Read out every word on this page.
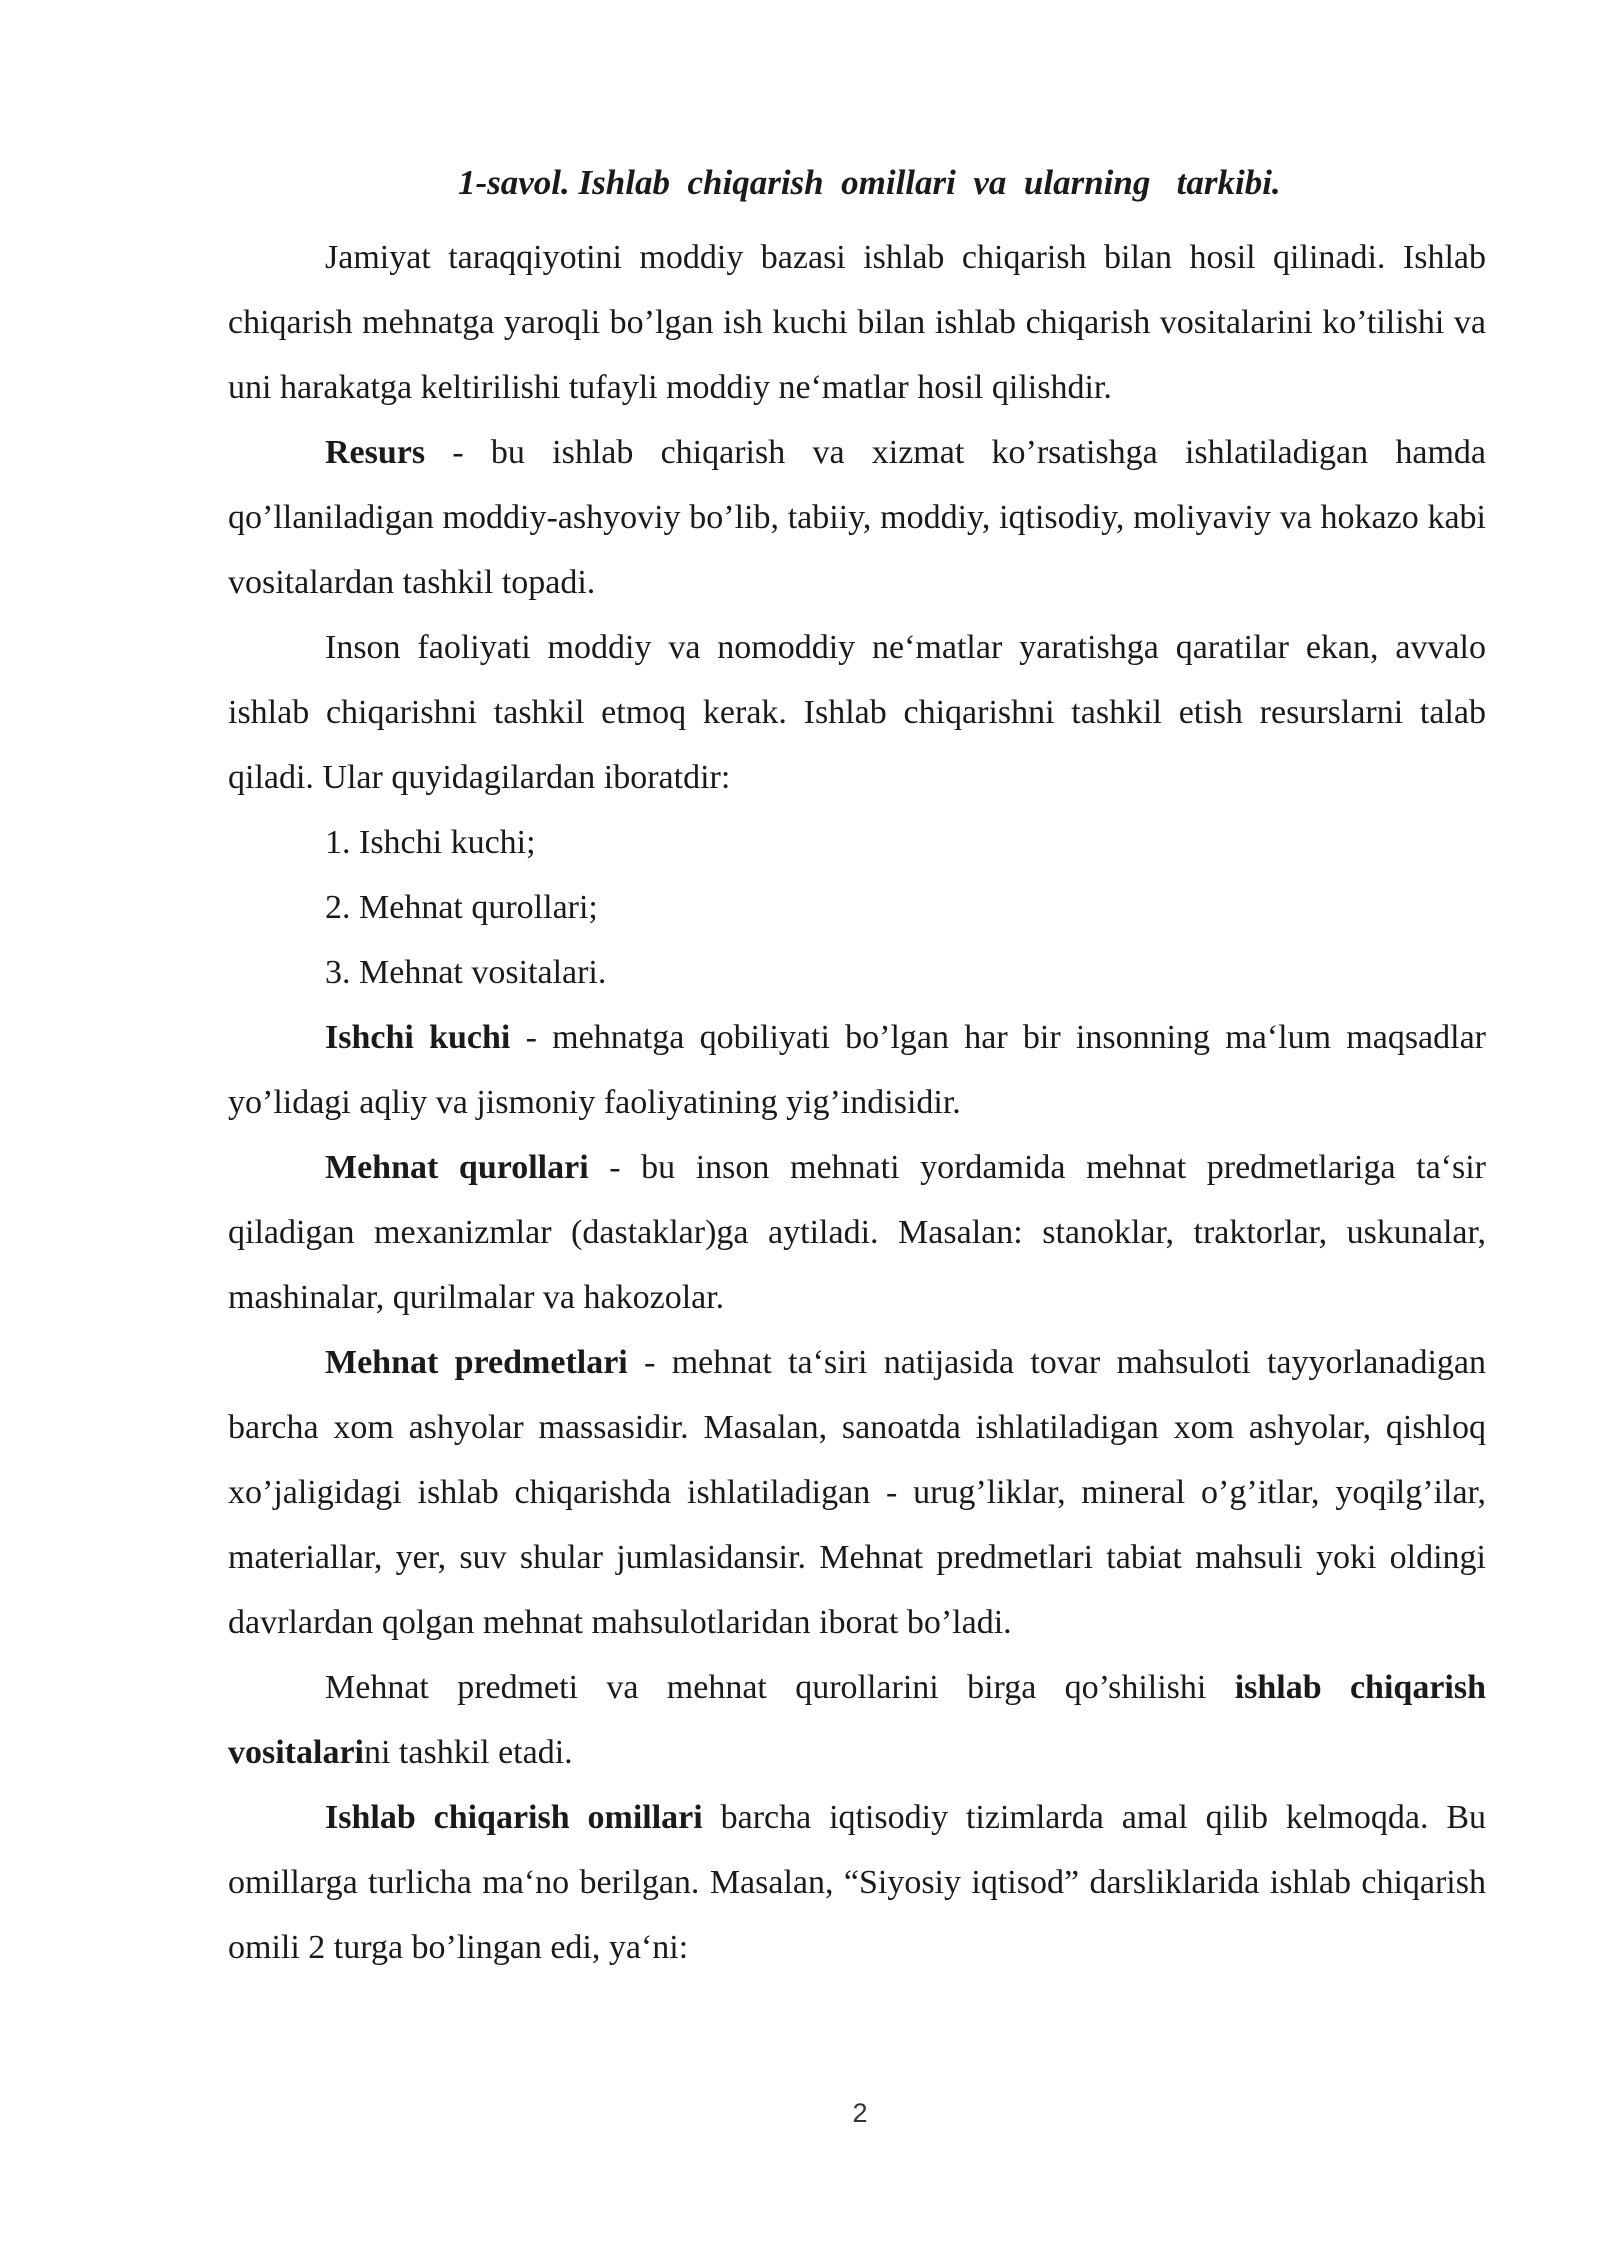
1-savol. Ishlab  chiqarish  omillari  va  ularning   tarkibi.

Jamiyat taraqqiyotini moddiy bazasi ishlab chiqarish bilan hosil qilinadi. Ishlab chiqarish mehnatga yaroqli bo’lgan ish kuchi bilan ishlab chiqarish vositalarini ko’tilishi va uni harakatga keltirilishi tufayli moddiy ne‘matlar hosil qilishdir.

Resurs - bu ishlab chiqarish va xizmat ko’rsatishga ishlatiladigan hamda qo’llaniladigan moddiy-ashyoviy bo’lib, tabiiy, moddiy, iqtisodiy, moliyaviy va hokazo kabi vositalardan tashkil topadi.

Inson faoliyati moddiy va nomoddiy ne‘matlar yaratishga qaratilar ekan, avvalo ishlab chiqarishni tashkil etmoq kerak. Ishlab chiqarishni tashkil etish resurslarni talab qiladi. Ular quyidagilardan iboratdir:

1. Ishchi kuchi;

2. Mehnat qurollari;

3. Mehnat vositalari.

Ishchi kuchi - mehnatga qobiliyati bo’lgan har bir insonning ma‘lum maqsadlar yo’lidagi aqliy va jismoniy faoliyatining yig’indisidir.

Mehnat qurollari - bu inson mehnati yordamida mehnat predmetlariga ta‘sir qiladigan mexanizmlar (dastaklar)ga aytiladi. Masalan: stanoklar, traktorlar, uskunalar, mashinalar, qurilmalar va hakozolar.

Mehnat predmetlari - mehnat ta‘siri natijasida tovar mahsuloti tayyorlanadigan barcha xom ashyolar massasidir. Masalan, sanoatda ishlatiladigan xom ashyolar, qishloq xo’jaligidagi ishlab chiqarishda ishlatiladigan - urug’liklar, mineral o’g’itlar, yoqilg’ilar, materiallar, yer, suv shular jumlasidansir. Mehnat predmetlari tabiat mahsuli yoki oldingi davrlardan qolgan mehnat mahsulotlaridan iborat bo’ladi.

Mehnat predmeti va mehnat qurollarini birga qo’shilishi ishlab chiqarish vositalarini tashkil etadi.

Ishlab chiqarish omillari barcha iqtisodiy tizimlarda amal qilib kelmoqda. Bu omillarga turlicha ma‘no berilgan. Masalan, “Siyosiy iqtisod” darsliklarida ishlab chiqarish omili 2 turga bo’lingan edi, ya‘ni:

2
